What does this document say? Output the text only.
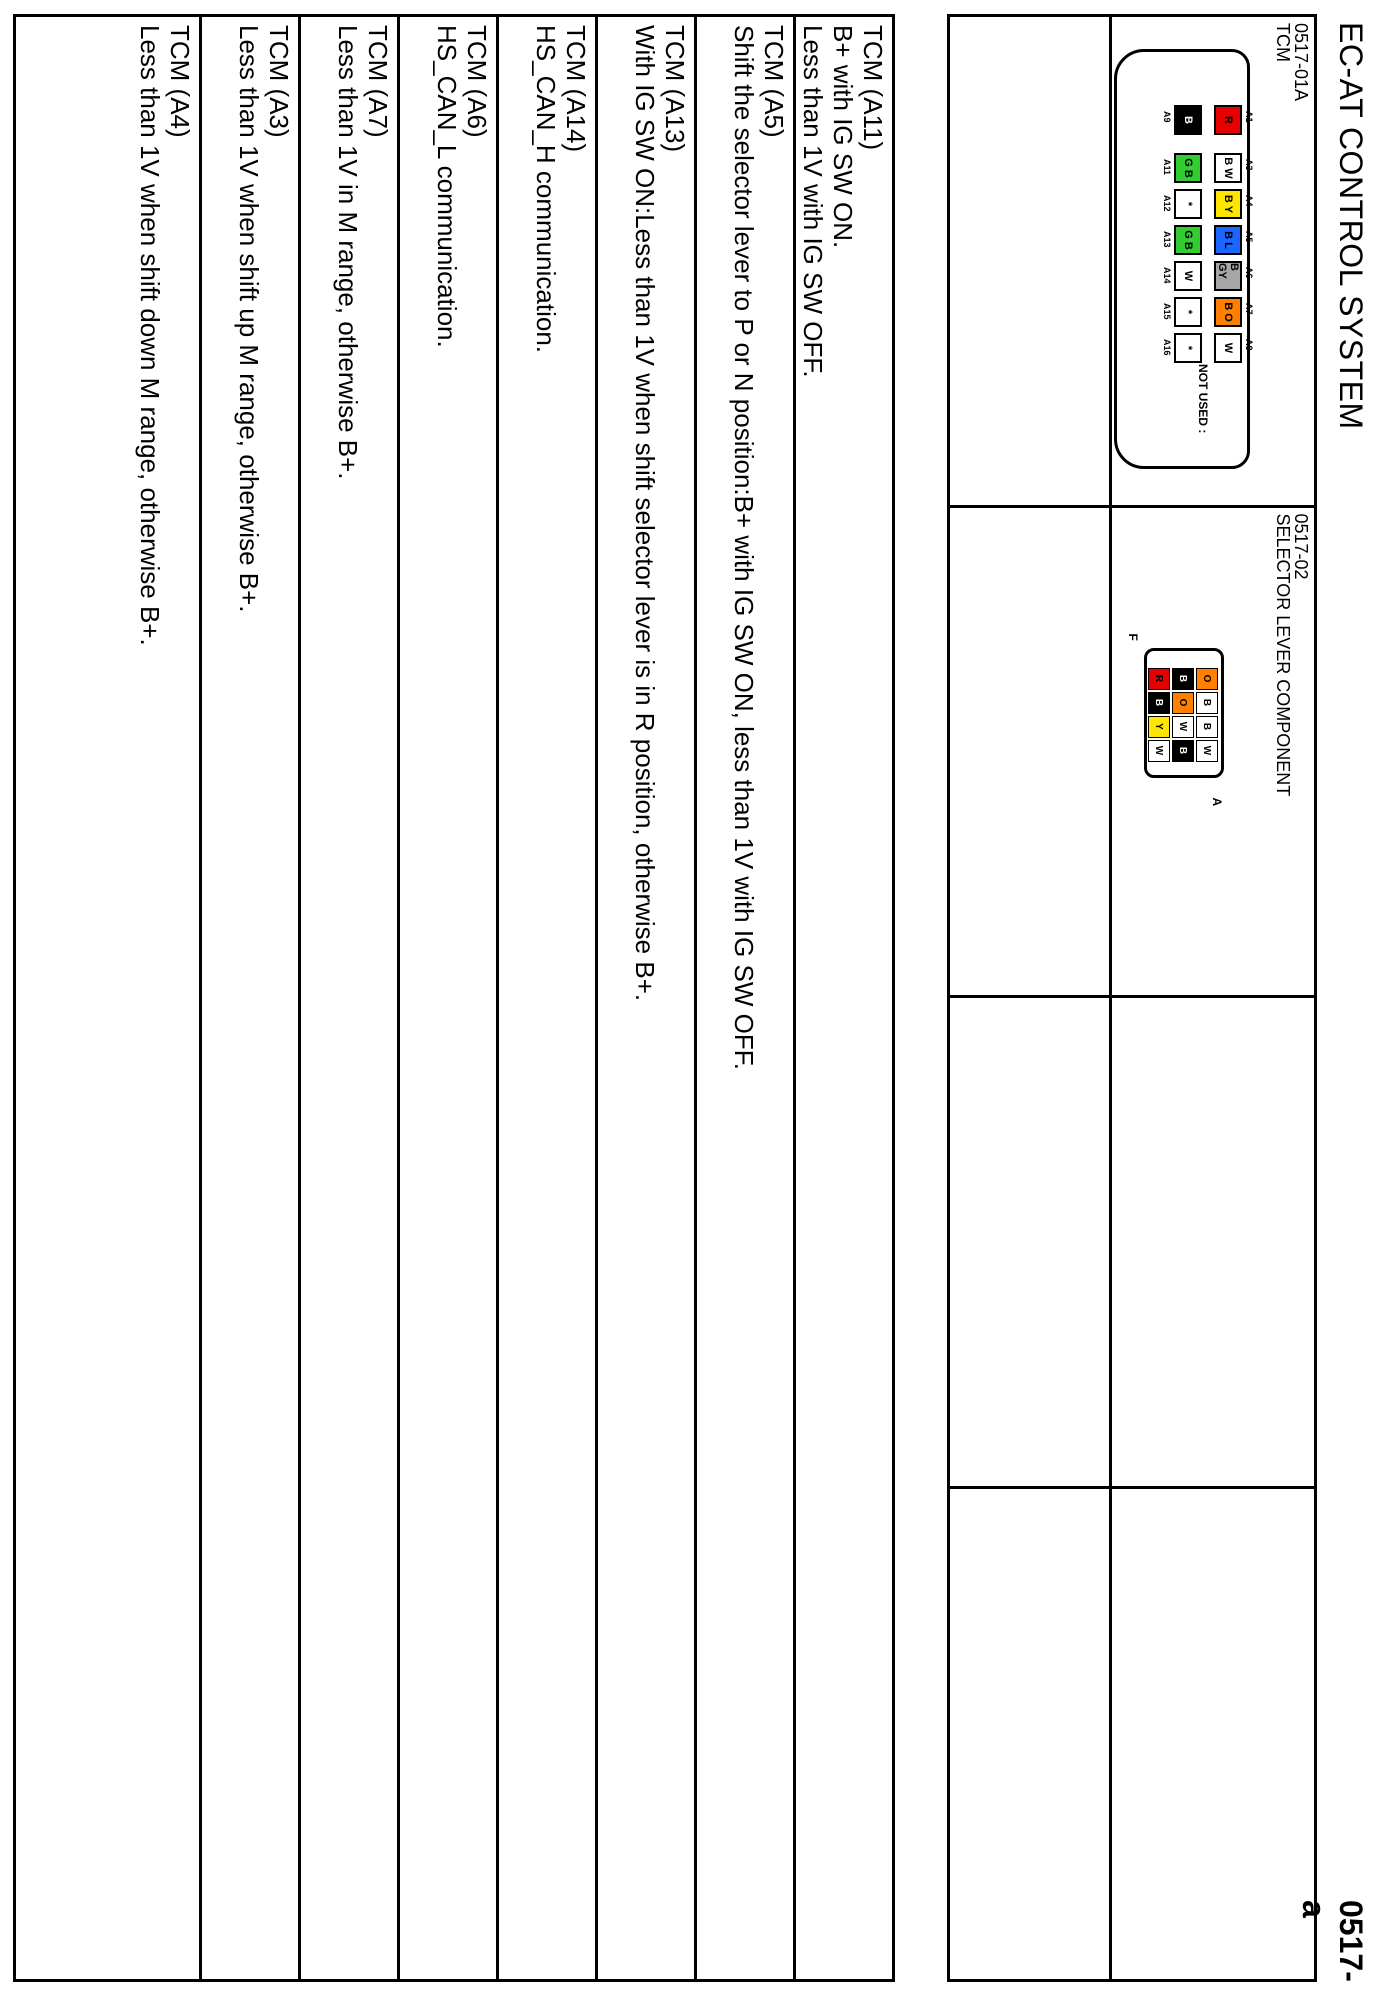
EC-AT CONTROL SYSTEM
0517-a
0517-01A
TCM
NOT USED :
R	A1
B W	A3
B Y	A4
B L	A5
B GY	A6
B O	A7
W	A8
B
A9
G B
A11
*
A12
G B
A13
W
A14
*
A15
*
A16
0517-02
SELECTOR LEVER COMPONENT
A
F
O
B
B
W
B
O
W
B
R
B
Y
W
TCM (A11)
B+ with IG SW ON.
Less than 1V with IG SW OFF.
TCM (A5)
Shift the selector lever to P or N position:B+ with IG SW ON, less than 1V with IG SW OFF.
TCM (A13)
With IG SW ON:Less than 1V when shift selector lever is in R position, otherwise B+.
TCM (A14)
HS_CAN_H communication.
TCM (A6)
HS_CAN_L communication.
TCM (A7)
Less than 1V in M range, otherwise B+.
TCM (A3)
Less than 1V when shift up M range, otherwise B+.
TCM (A4)
Less than 1V when shift down M range, otherwise B+.
